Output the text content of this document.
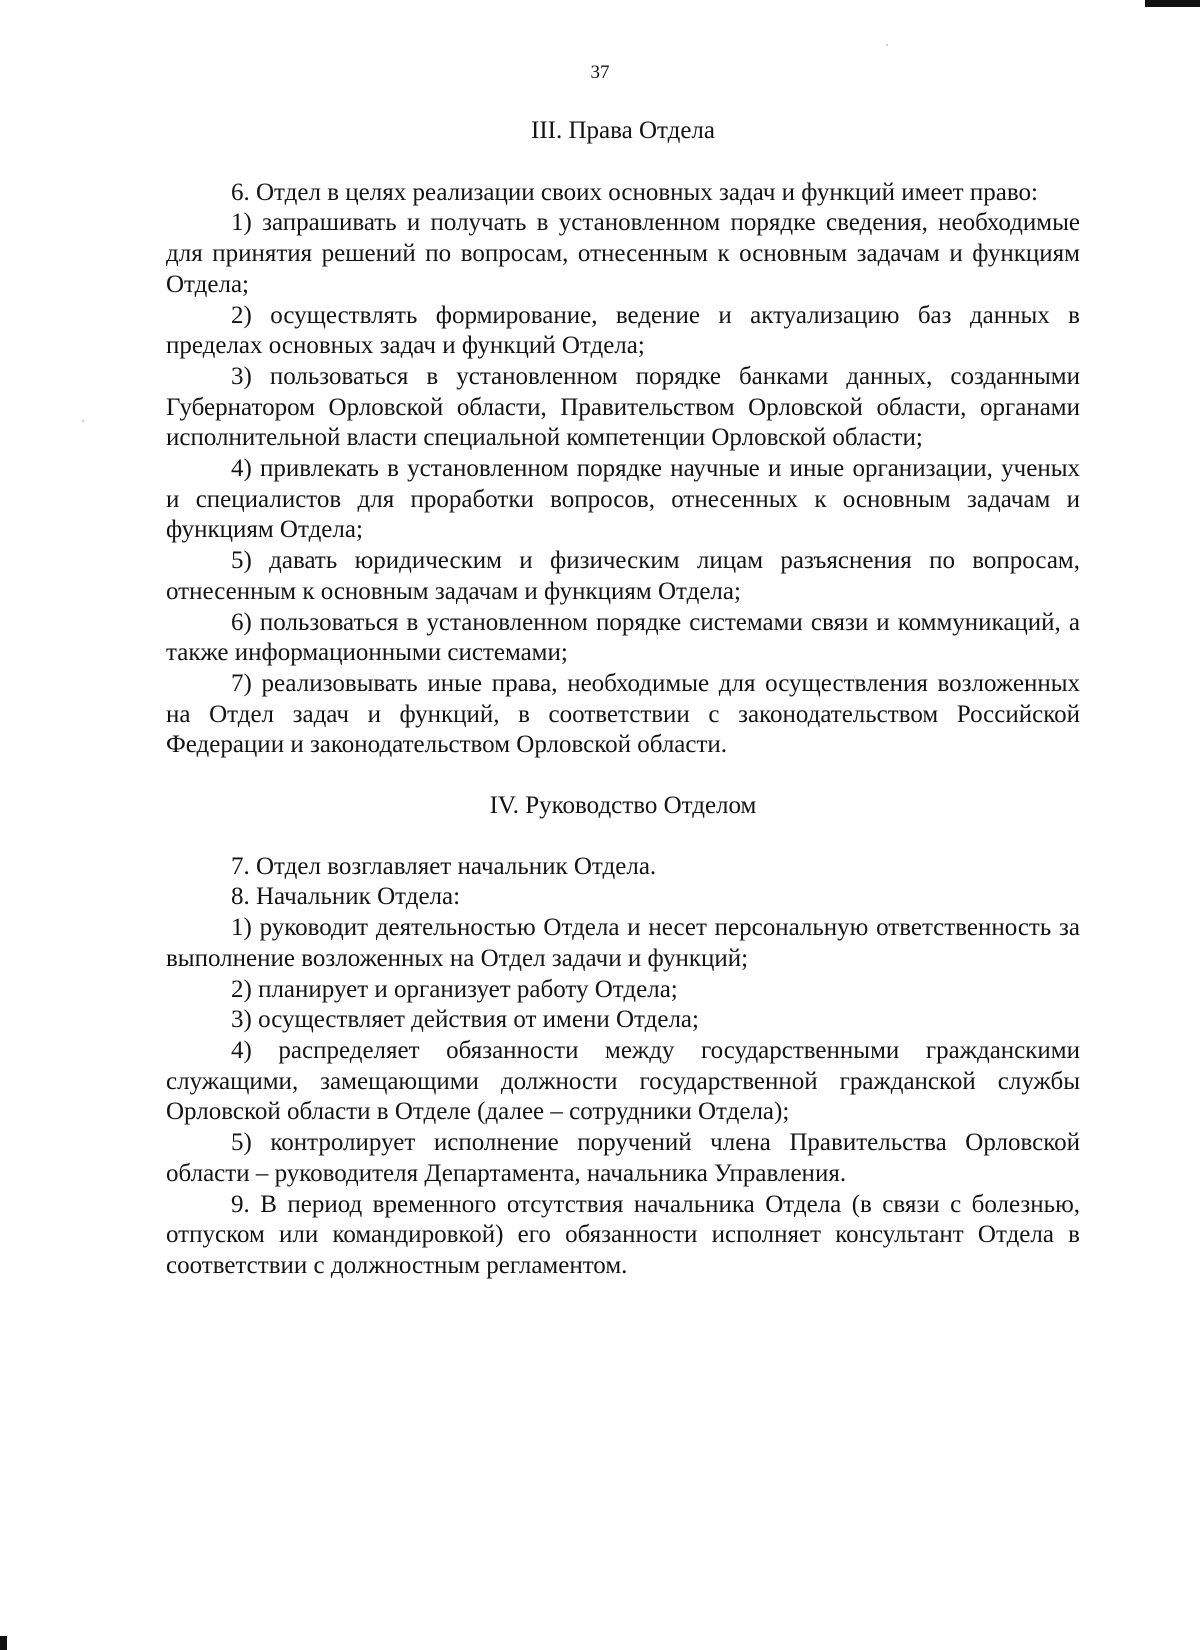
37

III. Права Отдела

6. Отдел в целях реализации своих основных задач и функций имеет право:

1) запрашивать и получать в установленном порядке сведения, необходимые для принятия решений по вопросам, отнесенным к основным задачам и функциям Отдела;

2) осуществлять формирование, ведение и актуализацию баз данных в пределах основных задач и функций Отдела;

3) пользоваться в установленном порядке банками данных, созданными Губернатором Орловской области, Правительством Орловской области, органами исполнительной власти специальной компетенции Орловской области;

4) привлекать в установленном порядке научные и иные организации, ученых и специалистов для проработки вопросов, отнесенных к основным задачам и функциям Отдела;

5) давать юридическим и физическим лицам разъяснения по вопросам, отнесенным к основным задачам и функциям Отдела;

6) пользоваться в установленном порядке системами связи и коммуникаций, а также информационными системами;

7) реализовывать иные права, необходимые для осуществления возложенных на Отдел задач и функций, в соответствии с законодательством Российской Федерации и законодательством Орловской области.

IV. Руководство Отделом

7. Отдел возглавляет начальник Отдела.

8. Начальник Отдела:

1) руководит деятельностью Отдела и несет персональную ответственность за выполнение возложенных на Отдел задачи и функций;

2) планирует и организует работу Отдела;

3) осуществляет действия от имени Отдела;

4) распределяет обязанности между государственными гражданскими служащими, замещающими должности государственной гражданской службы Орловской области в Отделе (далее – сотрудники Отдела);

5) контролирует исполнение поручений члена Правительства Орловской области – руководителя Департамента, начальника Управления.

9. В период временного отсутствия начальника Отдела (в связи с болезнью, отпуском или командировкой) его обязанности исполняет консультант Отдела в соответствии с должностным регламентом.
